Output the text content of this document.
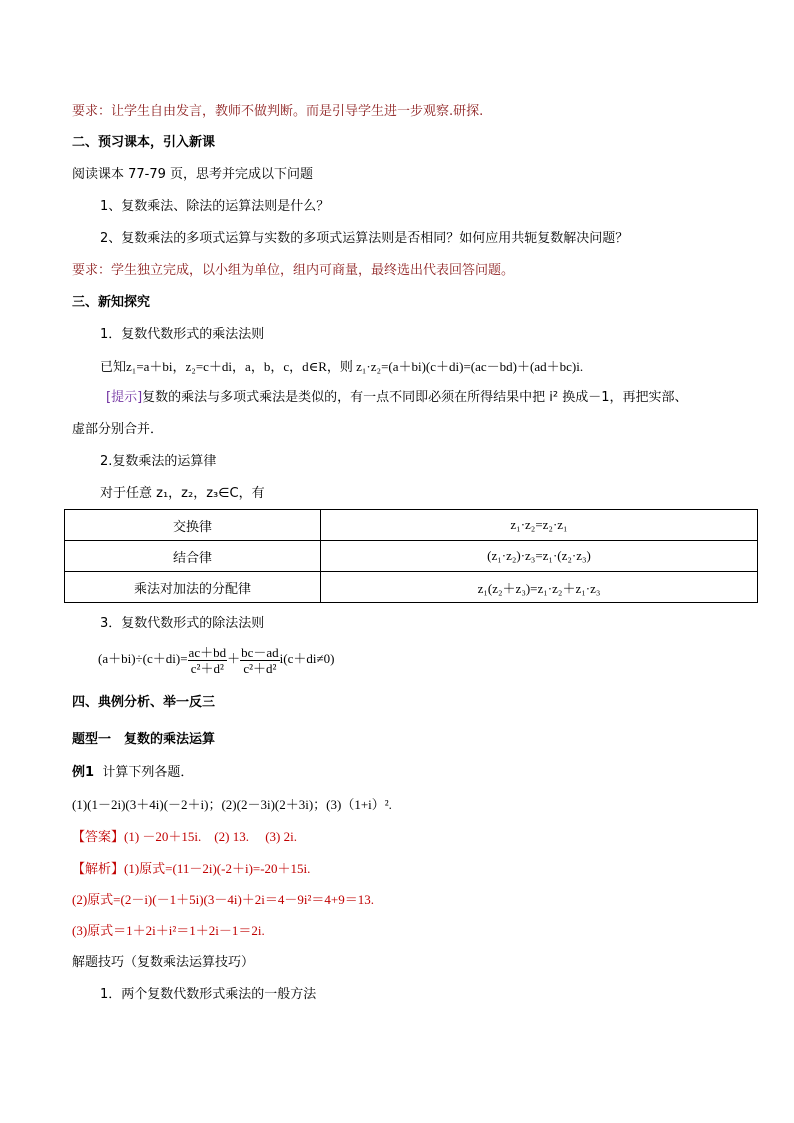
要求：让学生自由发言，教师不做判断。而是引导学生进一步观察.研探.
二、预习课本，引入新课
阅读课本 77-79 页，思考并完成以下问题
1、复数乘法、除法的运算法则是什么？
2、复数乘法的多项式运算与实数的多项式运算法则是否相同？如何应用共轭复数解决问题？
要求：学生独立完成，以小组为单位，组内可商量，最终选出代表回答问题。
三、新知探究
1．复数代数形式的乘法法则
已知z₁=a＋bi，z₂=c＋di，a，b，c，d∈R，则 z₁·z₂=(a＋bi)(c＋di)=(ac－bd)＋(ad＋bc)i.
[提示]复数的乘法与多项式乘法是类似的，有一点不同即必须在所得结果中把 i² 换成－1，再把实部、
虚部分别合并．
2.复数乘法的运算律
对于任意 z₁，z₂，z₃∈C，有
交换律	z₁·z₂=z₂·z₁
结合律	(z₁·z₂)·z₃=z₁·(z₂·z₃)
乘法对加法的分配律	z₁(z₂＋z₃)=z₁·z₂＋z₁·z₃
3．复数代数形式的除法法则
$(a+bi)\div(c+di)= \frac{ac+bd}{\text{c²＋d²}} + \frac{bc-ad}{\text{c²＋d²}} i(c+di\ne 0)$
四、典例分析、举一反三
题型一　复数的乘法运算
例1 计算下列各题．
(1)(1－2i)(3＋4i)(－2＋i)；(2)(2－3i)(2＋3i)；(3)（1+i）².
【答案】(1) －20＋15i.　(2) 13.　 (3) 2i.
【解析】(1)原式=(11－2i)(-2＋i)=-20＋15i.
(2)原式=(2－i)(－1＋5i)(3－4i)＋2i＝4－9i²＝4+9＝13.
(3)原式＝1＋2i＋i²＝1＋2i－1＝2i.
解题技巧（复数乘法运算技巧）
1．两个复数代数形式乘法的一般方法
